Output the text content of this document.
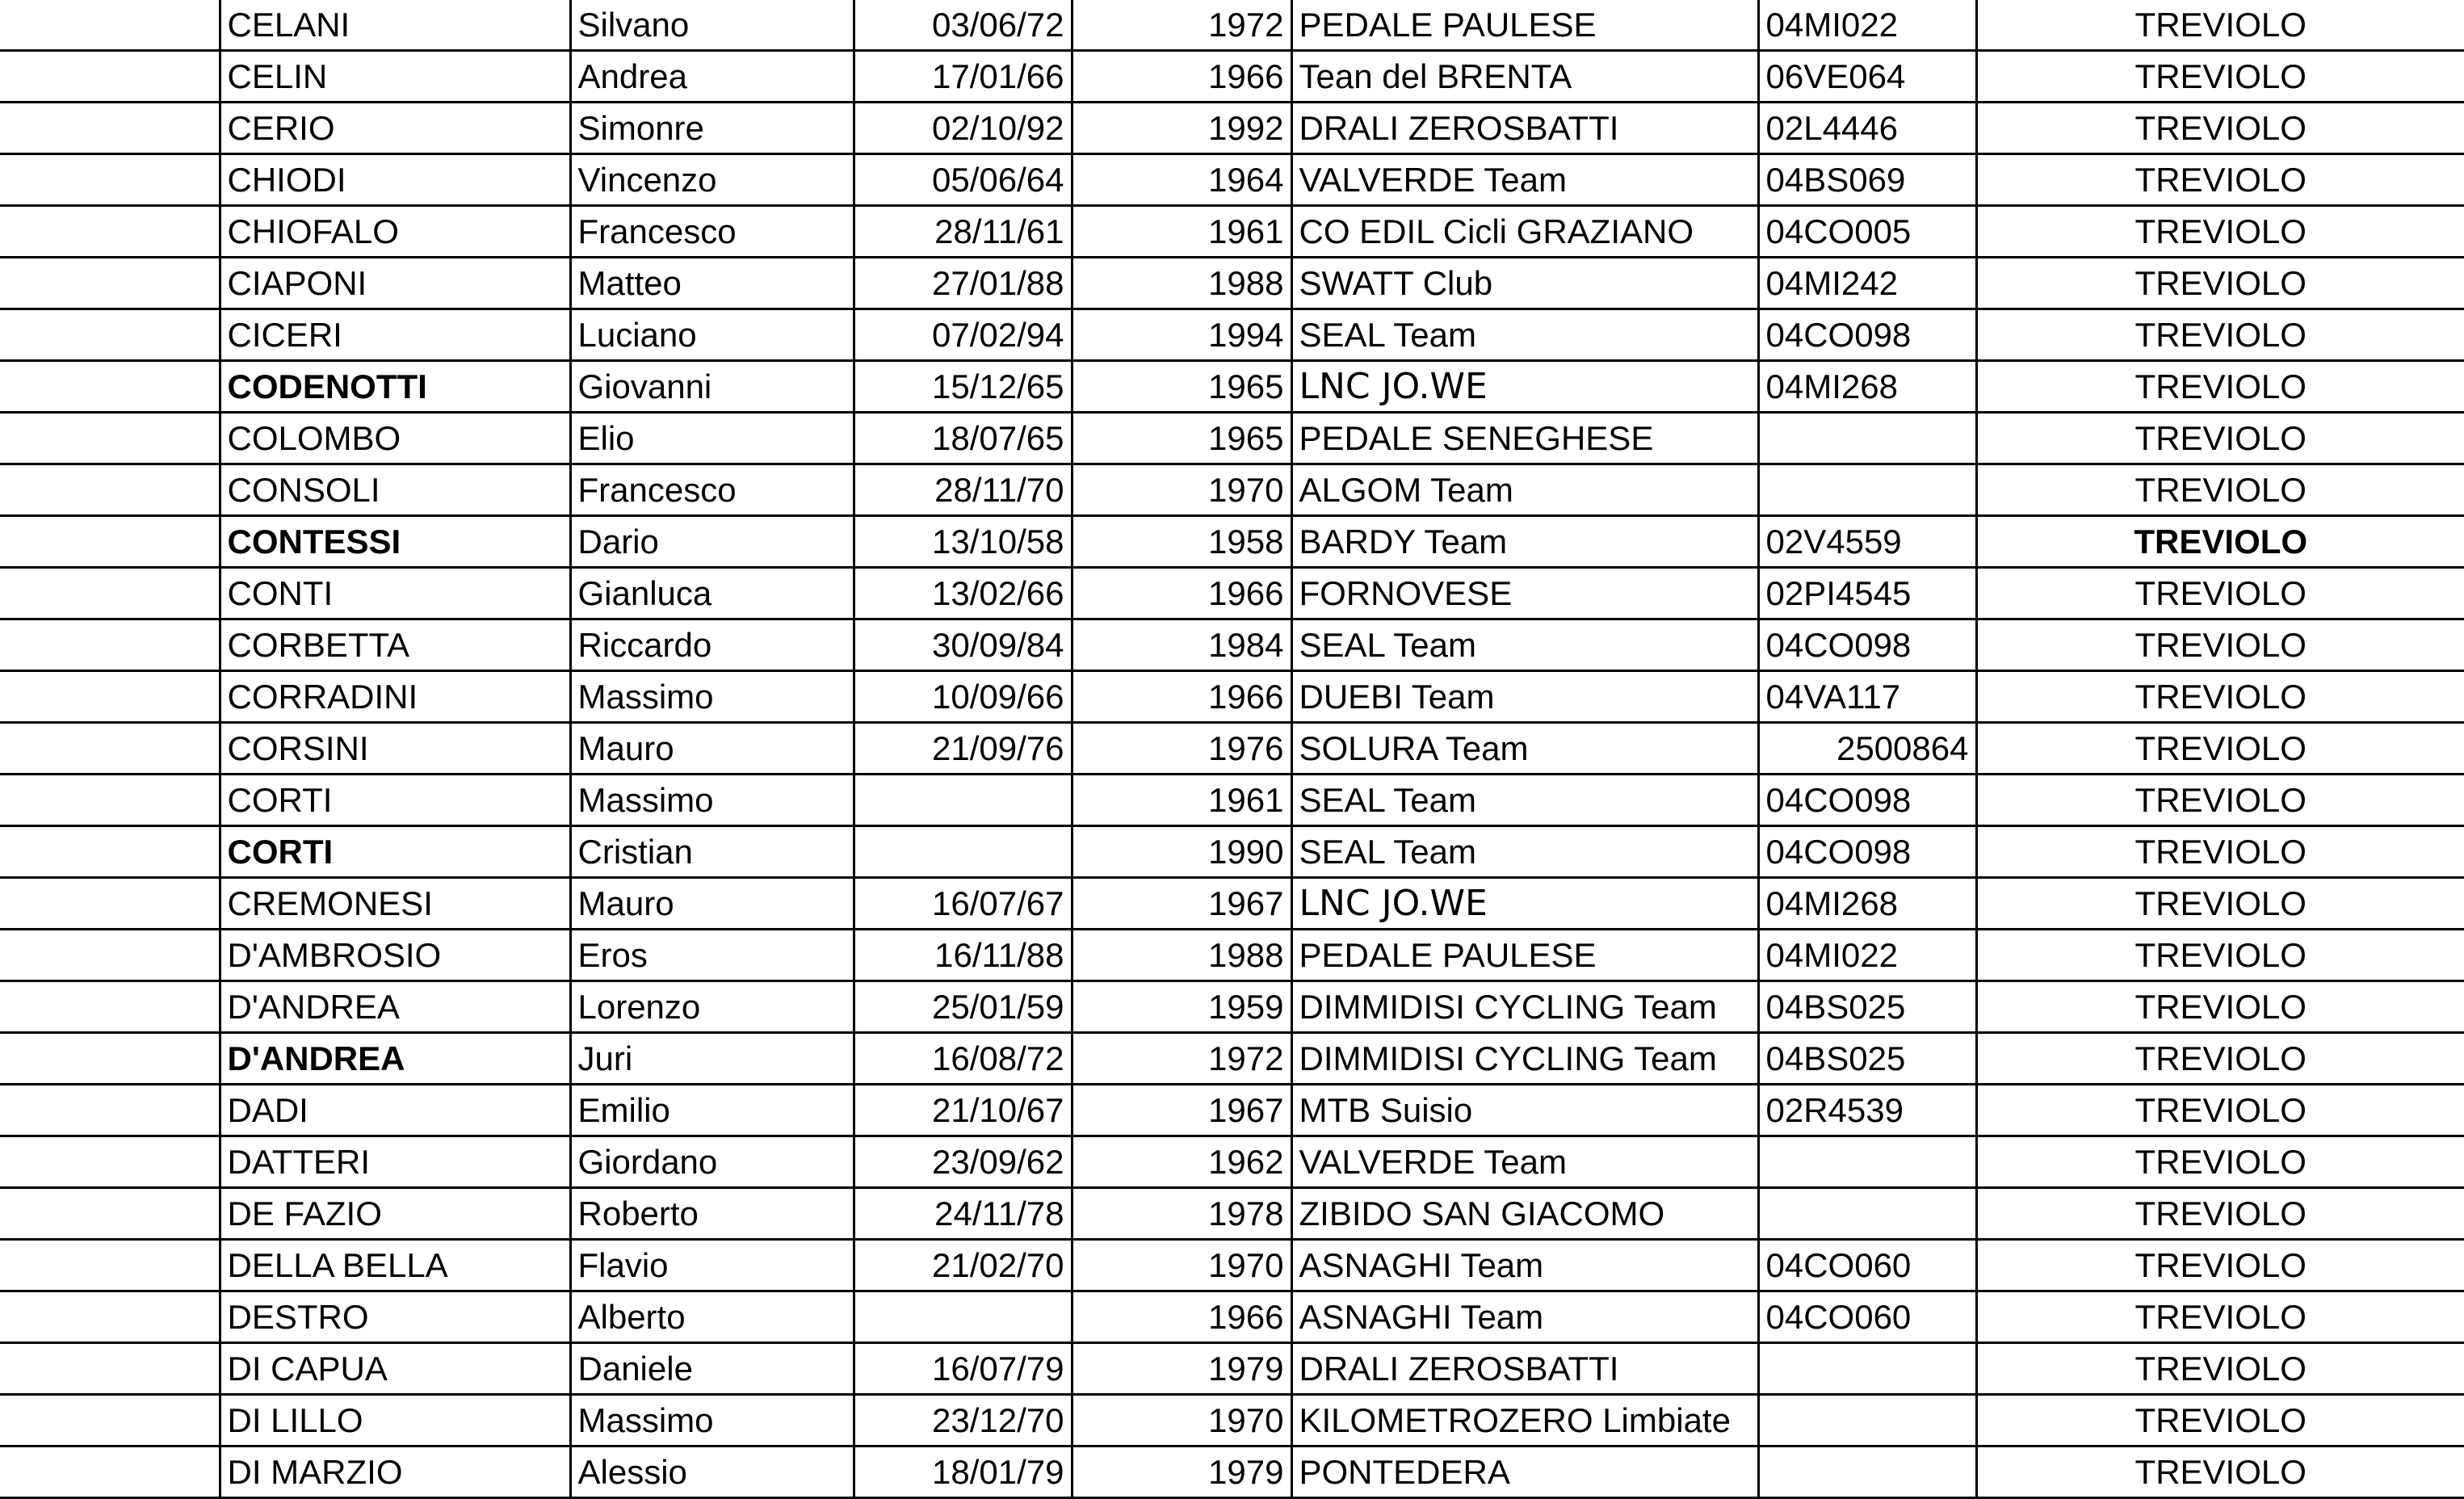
	CELANI	Silvano	03/06/72	1972	PEDALE PAULESE	04MI022	TREVIOLO
	CELIN	Andrea	17/01/66	1966	Tean del BRENTA	06VE064	TREVIOLO
	CERIO	Simonre	02/10/92	1992	DRALI ZEROSBATTI	02L4446	TREVIOLO
	CHIODI	Vincenzo	05/06/64	1964	VALVERDE Team	04BS069	TREVIOLO
	CHIOFALO	Francesco	28/11/61	1961	CO EDIL Cicli GRAZIANO	04CO005	TREVIOLO
	CIAPONI	Matteo	27/01/88	1988	SWATT Club	04MI242	TREVIOLO
	CICERI	Luciano	07/02/94	1994	SEAL Team	04CO098	TREVIOLO
	CODENOTTI	Giovanni	15/12/65	1965	LNC JO.WE	04MI268	TREVIOLO
	COLOMBO	Elio	18/07/65	1965	PEDALE SENEGHESE		TREVIOLO
	CONSOLI	Francesco	28/11/70	1970	ALGOM Team		TREVIOLO
	CONTESSI	Dario	13/10/58	1958	BARDY Team	02V4559	TREVIOLO
	CONTI	Gianluca	13/02/66	1966	FORNOVESE	02PI4545	TREVIOLO
	CORBETTA	Riccardo	30/09/84	1984	SEAL Team	04CO098	TREVIOLO
	CORRADINI	Massimo	10/09/66	1966	DUEBI Team	04VA117	TREVIOLO
	CORSINI	Mauro	21/09/76	1976	SOLURA Team	2500864	TREVIOLO
	CORTI	Massimo		1961	SEAL Team	04CO098	TREVIOLO
	CORTI	Cristian		1990	SEAL Team	04CO098	TREVIOLO
	CREMONESI	Mauro	16/07/67	1967	LNC JO.WE	04MI268	TREVIOLO
	D'AMBROSIO	Eros	16/11/88	1988	PEDALE PAULESE	04MI022	TREVIOLO
	D'ANDREA	Lorenzo	25/01/59	1959	DIMMIDISI CYCLING Team	04BS025	TREVIOLO
	D'ANDREA	Juri	16/08/72	1972	DIMMIDISI CYCLING Team	04BS025	TREVIOLO
	DADI	Emilio	21/10/67	1967	MTB Suisio	02R4539	TREVIOLO
	DATTERI	Giordano	23/09/62	1962	VALVERDE Team		TREVIOLO
	DE FAZIO	Roberto	24/11/78	1978	ZIBIDO SAN GIACOMO		TREVIOLO
	DELLA BELLA	Flavio	21/02/70	1970	ASNAGHI Team	04CO060	TREVIOLO
	DESTRO	Alberto		1966	ASNAGHI Team	04CO060	TREVIOLO
	DI CAPUA	Daniele	16/07/79	1979	DRALI ZEROSBATTI		TREVIOLO
	DI LILLO	Massimo	23/12/70	1970	KILOMETROZERO Limbiate		TREVIOLO
	DI MARZIO	Alessio	18/01/79	1979	PONTEDERA		TREVIOLO
